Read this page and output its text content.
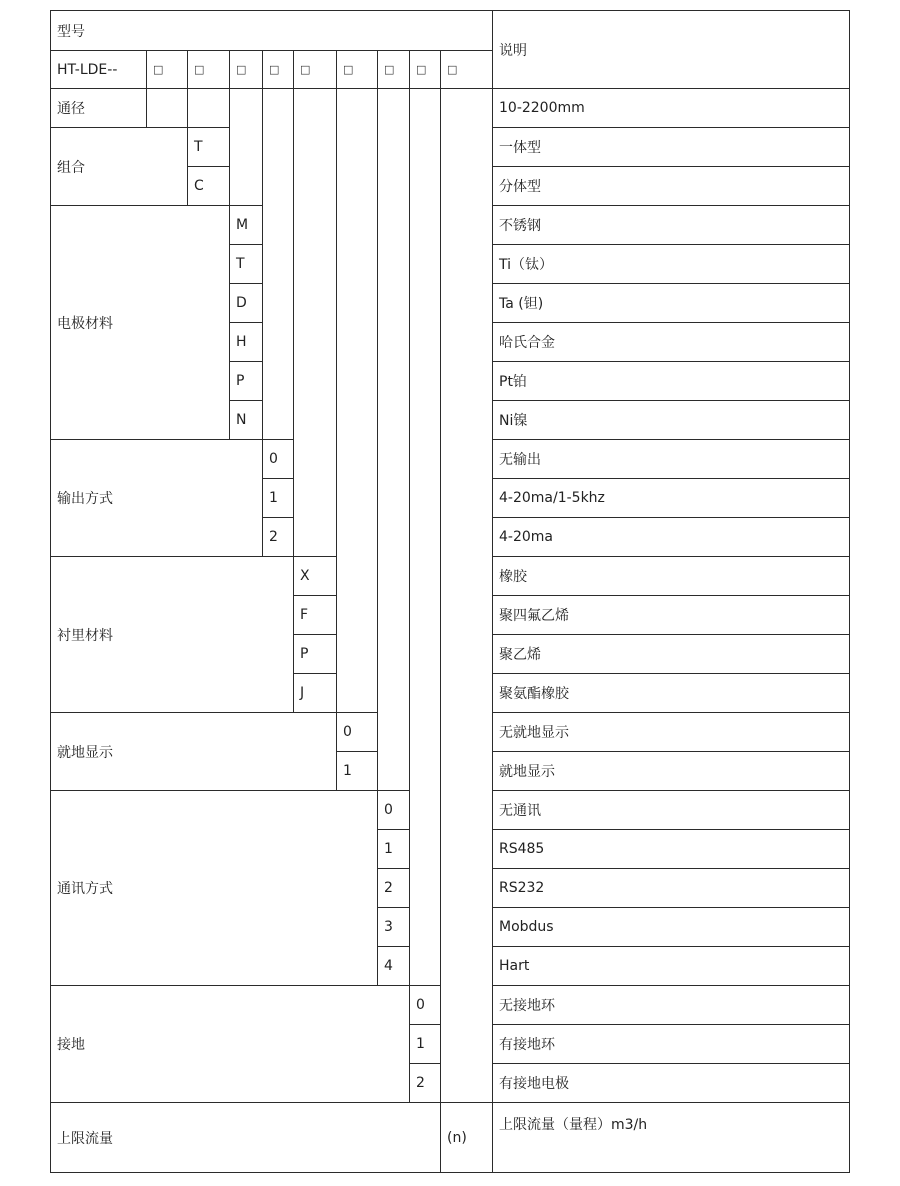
型号										说明
HT-LDE--	□	□	□	□	□	□	□	□	□	
通径										10-2200mm
组合		T								一体型
		C								分体型
电极材料			M							不锈钢
			T							Ti（钛）
			D							Ta (钽)
			H							哈氏合金
			P							Pt铂
			N							Ni镍
输出方式				0						无输出
				1						4-20ma/1-5khz
				2						4-20ma
衬里材料					X					橡胶
					F					聚四氟乙烯
					P					聚乙烯
					J					聚氨酯橡胶
就地显示						0				无就地显示
						1				就地显示
通讯方式							0			无通讯
							1			RS485
							2			RS232
							3			Mobdus
							4			Hart
接地								0		无接地环
								1		有接地环
								2		有接地电极
上限流量									(n)	上限流量（量程）m3/h
